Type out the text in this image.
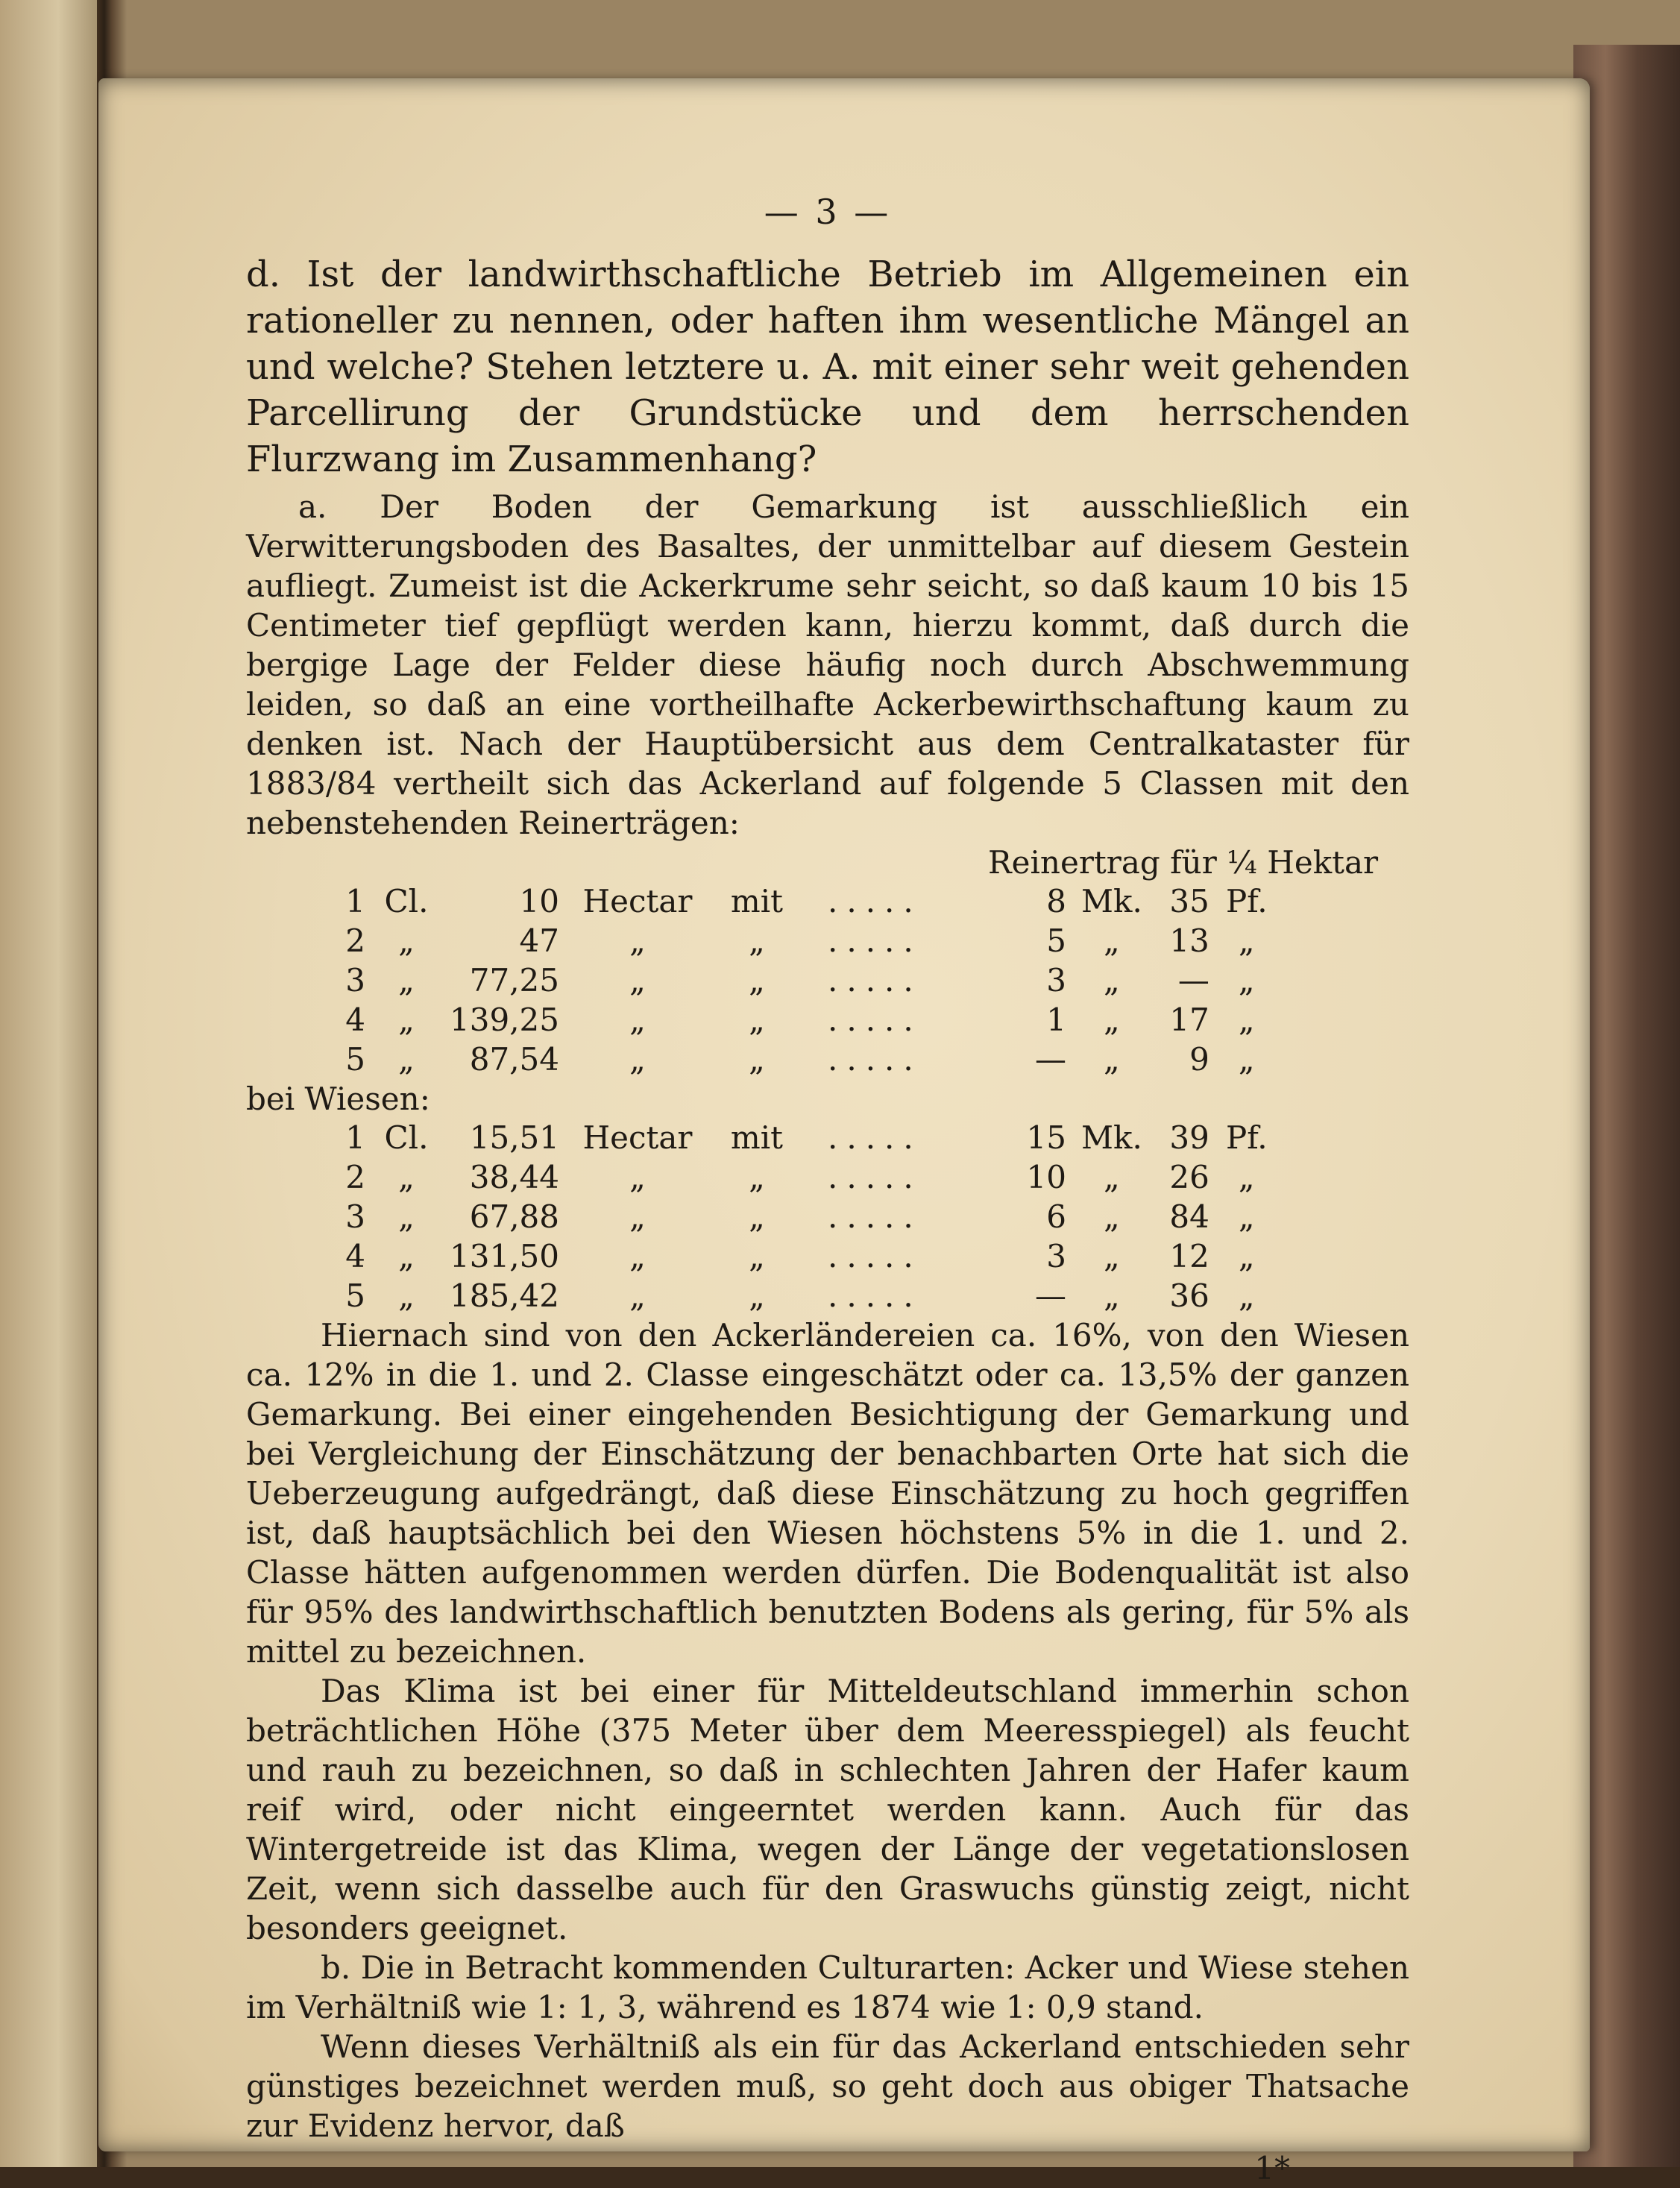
— 3 —

d. Ist der landwirthschaftliche Betrieb im Allgemeinen ein rationeller zu nennen, oder haften ihm wesentliche Mängel an und welche? Stehen letztere u. A. mit einer sehr weit gehenden Parcellirung der Grundstücke und dem herrschenden Flurzwang im Zusammenhang?

a. Der Boden der Gemarkung ist ausschließlich ein Verwitterungsboden des Basaltes, der unmittelbar auf diesem Gestein aufliegt. Zumeist ist die Ackerkrume sehr seicht, so daß kaum 10 bis 15 Centimeter tief gepflügt werden kann, hierzu kommt, daß durch die bergige Lage der Felder diese häufig noch durch Abschwemmung leiden, so daß an eine vortheilhafte Ackerbewirthschaftung kaum zu denken ist. Nach der Hauptübersicht aus dem Centralkataster für 1883/84 vertheilt sich das Ackerland auf folgende 5 Classen mit den nebenstehenden Reinerträgen:

Reinertrag für ¼ Hektar
1	Cl.	10	Hectar	mit	.....	8	Mk.	35	Pf.
2	„	47	„	„	.....	5	„	13	„
3	„	77,25	„	„	.....	3	„	—	„
4	„	139,25	„	„	.....	1	„	17	„
5	„	87,54	„	„	.....	—	„	9	„
bei Wiesen:
1	Cl.	15,51	Hectar	mit	.....	15	Mk.	39	Pf.
2	„	38,44	„	„	.....	10	„	26	„
3	„	67,88	„	„	.....	6	„	84	„
4	„	131,50	„	„	.....	3	„	12	„
5	„	185,42	„	„	.....	—	„	36	„

Hiernach sind von den Ackerländereien ca. 16%, von den Wiesen ca. 12% in die 1. und 2. Classe eingeschätzt oder ca. 13,5% der ganzen Gemarkung. Bei einer eingehenden Besichtigung der Gemarkung und bei Vergleichung der Einschätzung der benachbarten Orte hat sich die Ueberzeugung aufgedrängt, daß diese Einschätzung zu hoch gegriffen ist, daß hauptsächlich bei den Wiesen höchstens 5% in die 1. und 2. Classe hätten aufgenommen werden dürfen. Die Bodenqualität ist also für 95% des landwirthschaftlich benutzten Bodens als gering, für 5% als mittel zu bezeichnen.

Das Klima ist bei einer für Mitteldeutschland immerhin schon beträchtlichen Höhe (375 Meter über dem Meeresspiegel) als feucht und rauh zu bezeichnen, so daß in schlechten Jahren der Hafer kaum reif wird, oder nicht eingeerntet werden kann. Auch für das Wintergetreide ist das Klima, wegen der Länge der vegetationslosen Zeit, wenn sich dasselbe auch für den Graswuchs günstig zeigt, nicht besonders geeignet.

b. Die in Betracht kommenden Culturarten: Acker und Wiese stehen im Verhältniß wie 1: 1, 3, während es 1874 wie 1: 0,9 stand.

Wenn dieses Verhältniß als ein für das Ackerland entschieden sehr günstiges bezeichnet werden muß, so geht doch aus obiger Thatsache zur Evidenz hervor, daß

1*
